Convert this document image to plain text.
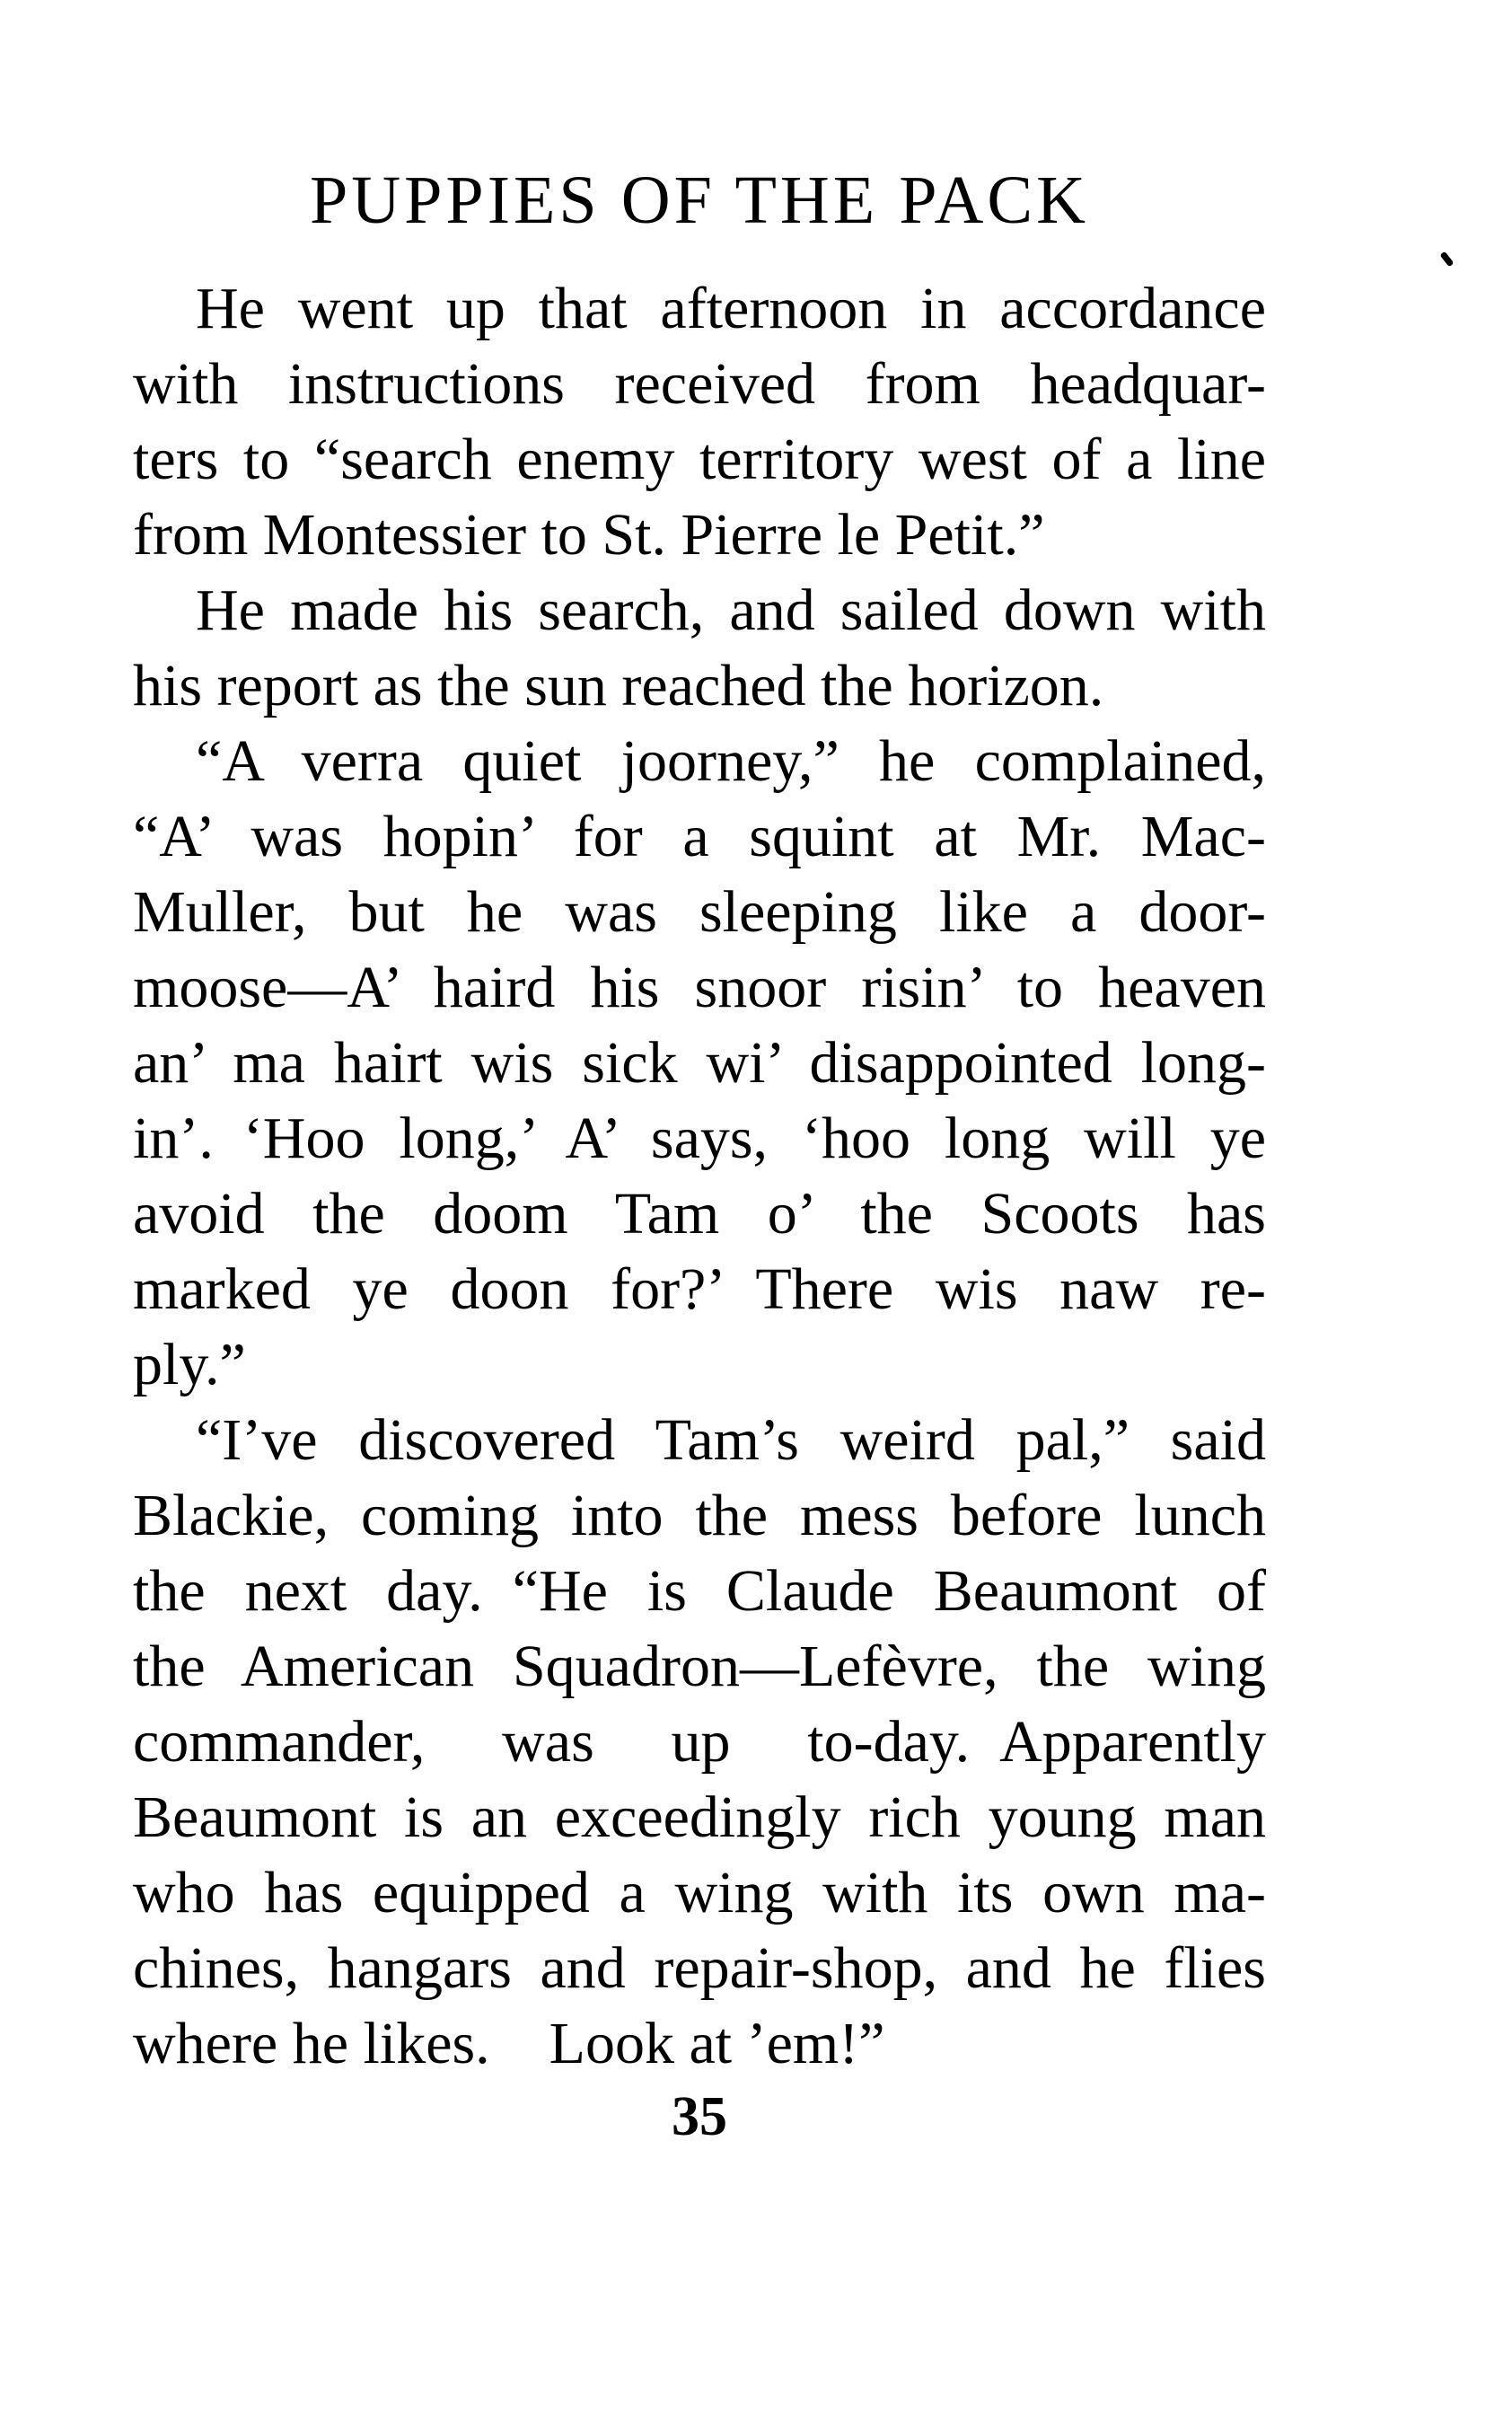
PUPPIES OF THE PACK
He went up that afternoon in accordance
with instructions received from headquar-
ters to “search enemy territory west of a line
from Montessier to St. Pierre le Petit.”
He made his search, and sailed down with
his report as the sun reached the horizon.
“A verra quiet joorney,” he complained,
“A’ was hopin’ for a squint at Mr. Mac-
Muller, but he was sleeping like a door-
moose—A’ haird his snoor risin’ to heaven
an’ ma hairt wis sick wi’ disappointed long-
in’. ‘Hoo long,’ A’ says, ‘hoo long will ye
avoid the doom Tam o’ the Scoots has
marked ye doon for?’ There wis naw re-
ply.”
“I’ve discovered Tam’s weird pal,” said
Blackie, coming into the mess before lunch
the next day. “He is Claude Beaumont of
the American Squadron—Lefèvre, the wing
commander, was up to-day. Apparently
Beaumont is an exceedingly rich young man
who has equipped a wing with its own ma-
chines, hangars and repair-shop, and he flies
where he likes.  Look at ’em!”
35
